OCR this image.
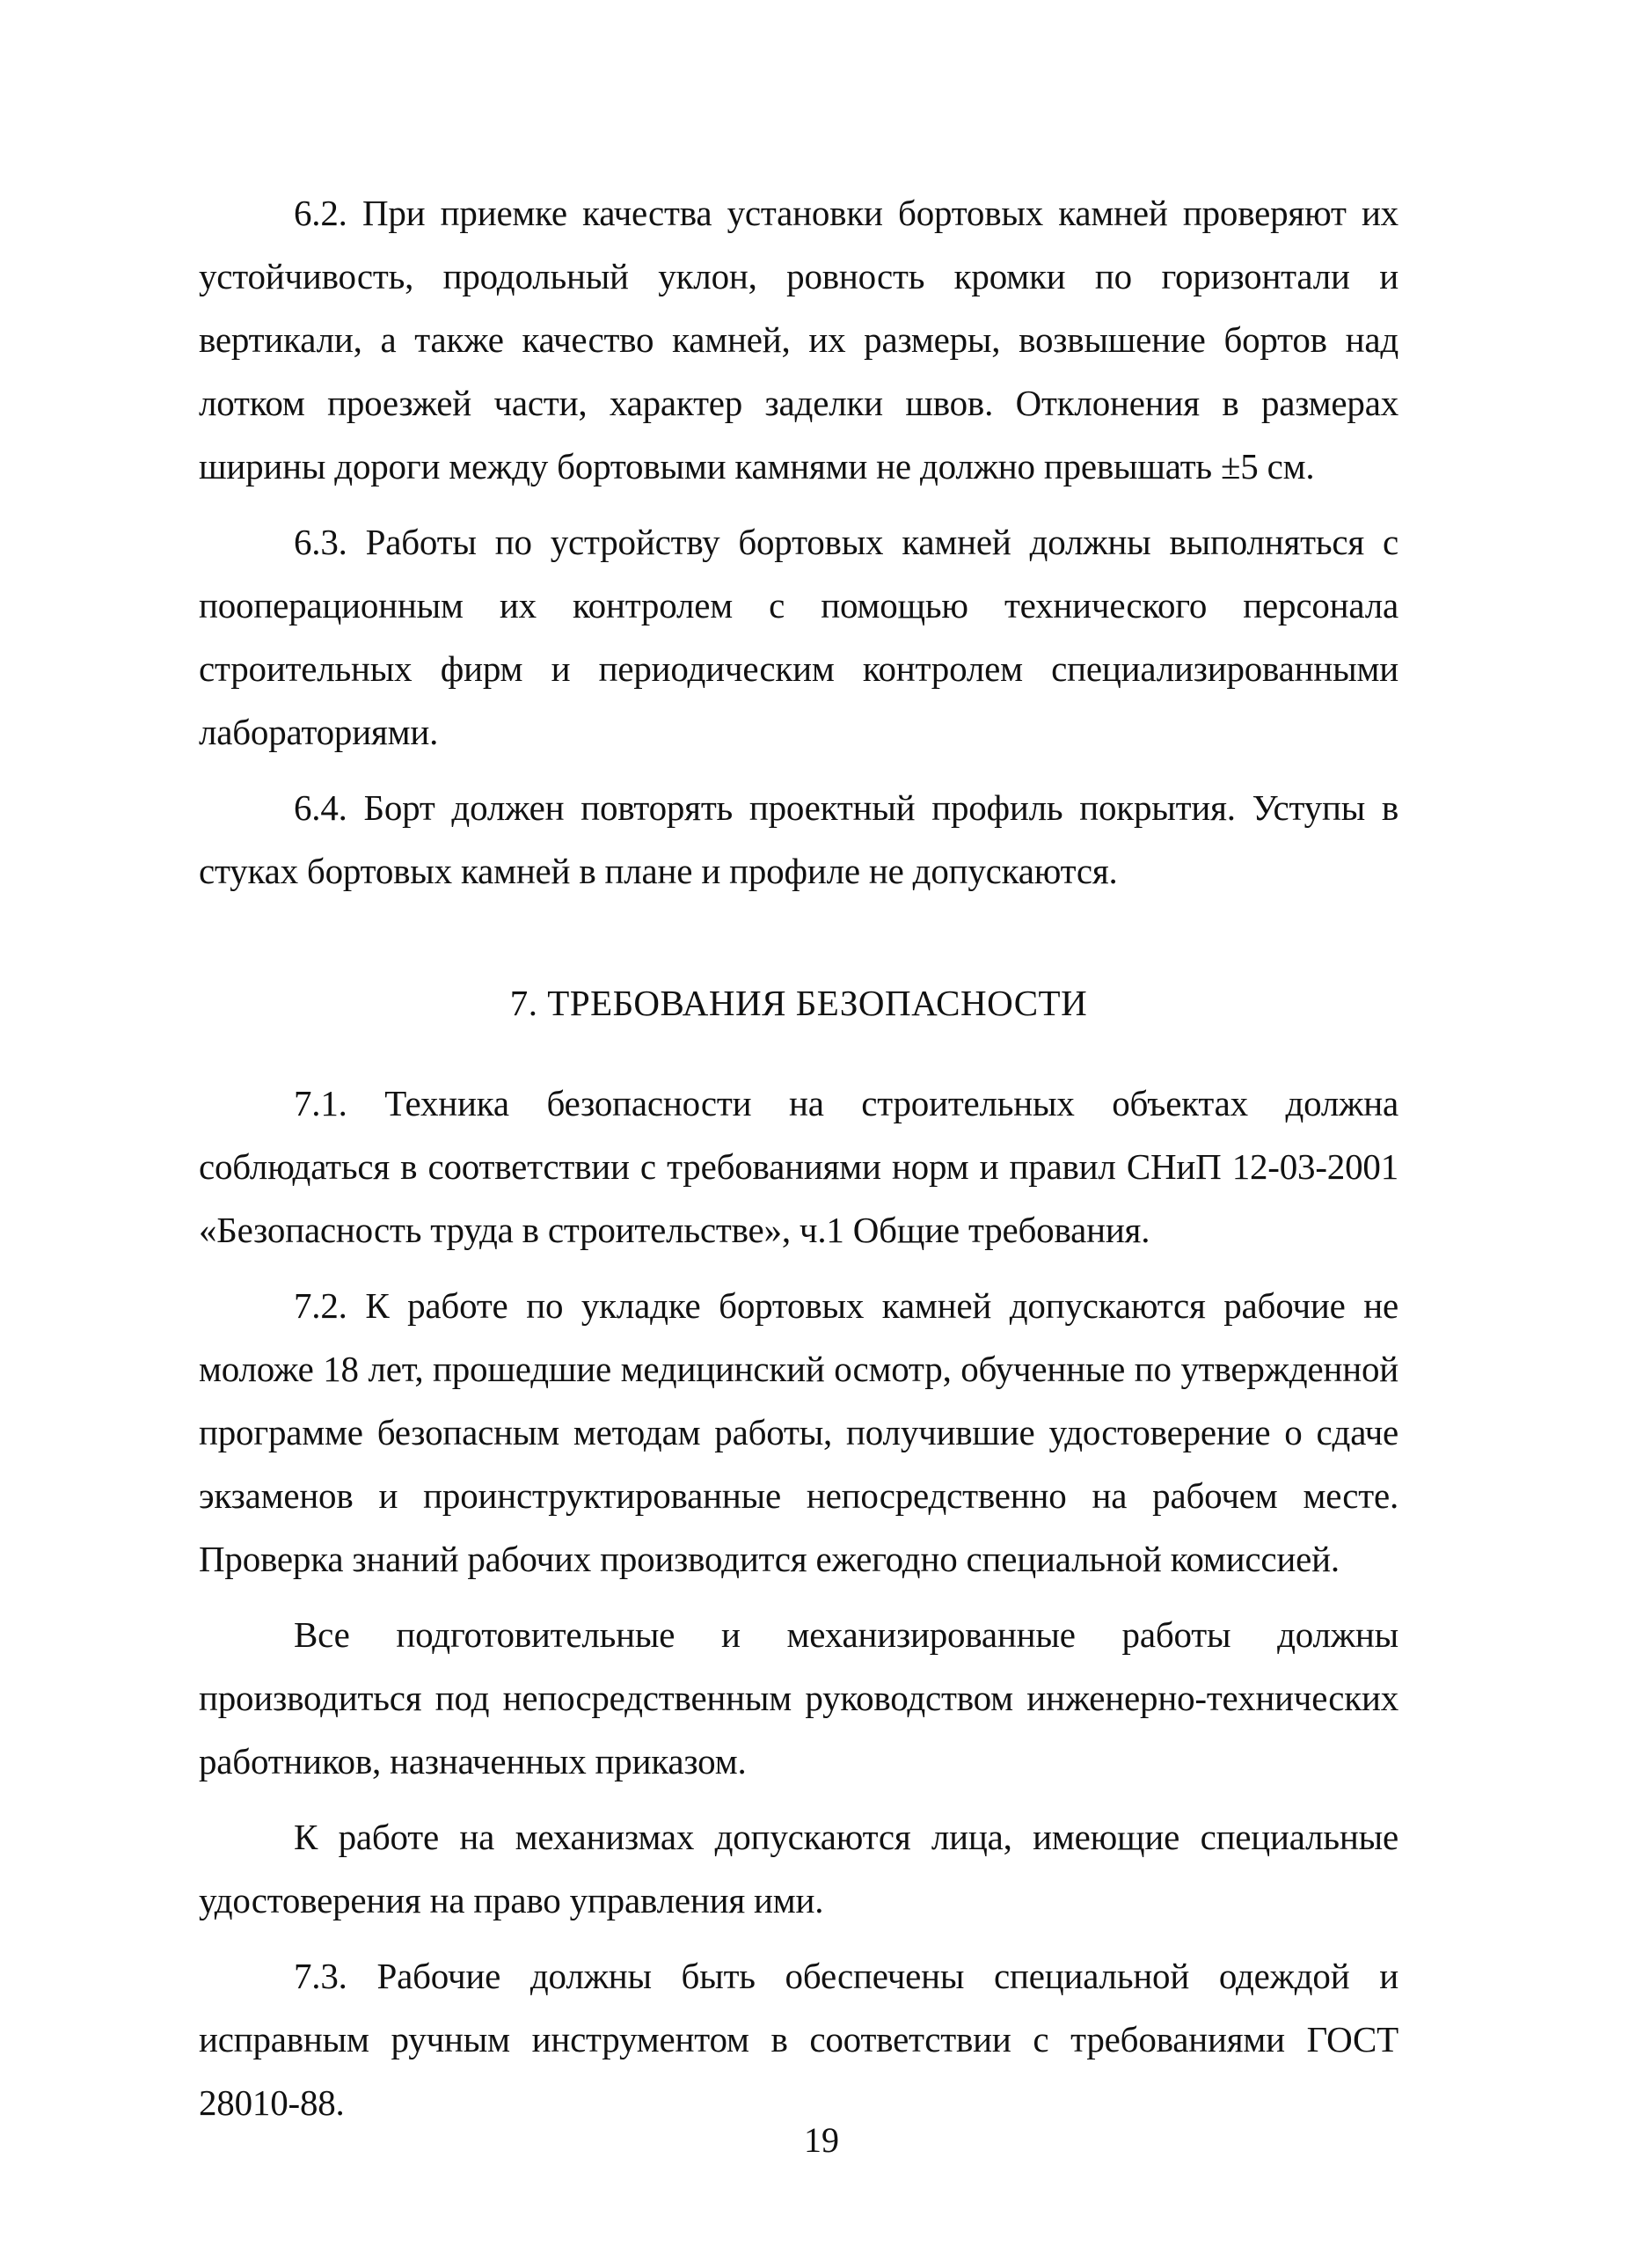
6.2. При приемке качества установки бортовых камней проверяют их устойчивость, продольный уклон, ровность кромки по горизонтали и вертикали, а также качество камней, их размеры, возвышение бортов над лотком проезжей части, характер заделки швов. Отклонения в размерах ширины дороги между бортовыми камнями не должно превышать ±5 см.

6.3. Работы по устройству бортовых камней должны выполняться с пооперационным их контролем с помощью технического персонала строительных фирм и периодическим контролем специализированными лабораториями.

6.4. Борт должен повторять проектный профиль покрытия. Уступы в стуках бортовых камней в плане и профиле не допускаются.

7. ТРЕБОВАНИЯ БЕЗОПАСНОСТИ

7.1. Техника безопасности на строительных объектах должна соблюдаться в соответствии с требованиями норм и правил СНиП 12-03-2001 «Безопасность труда в строительстве», ч.1 Общие требования.

7.2. К работе по укладке бортовых камней допускаются рабочие не моложе 18 лет, прошедшие медицинский осмотр, обученные по утвержденной программе безопасным методам работы, получившие удостоверение о сдаче экзаменов и проинструктированные непосредственно на рабочем месте. Проверка знаний рабочих производится ежегодно специальной комиссией.

Все подготовительные и механизированные работы должны производиться под непосредственным руководством инженерно-технических работников, назначенных приказом.

К работе на механизмах допускаются лица, имеющие специальные удостоверения на право управления ими.

7.3. Рабочие должны быть обеспечены специальной одеждой и исправным ручным инструментом в соответствии с требованиями ГОСТ 28010-88.

19
